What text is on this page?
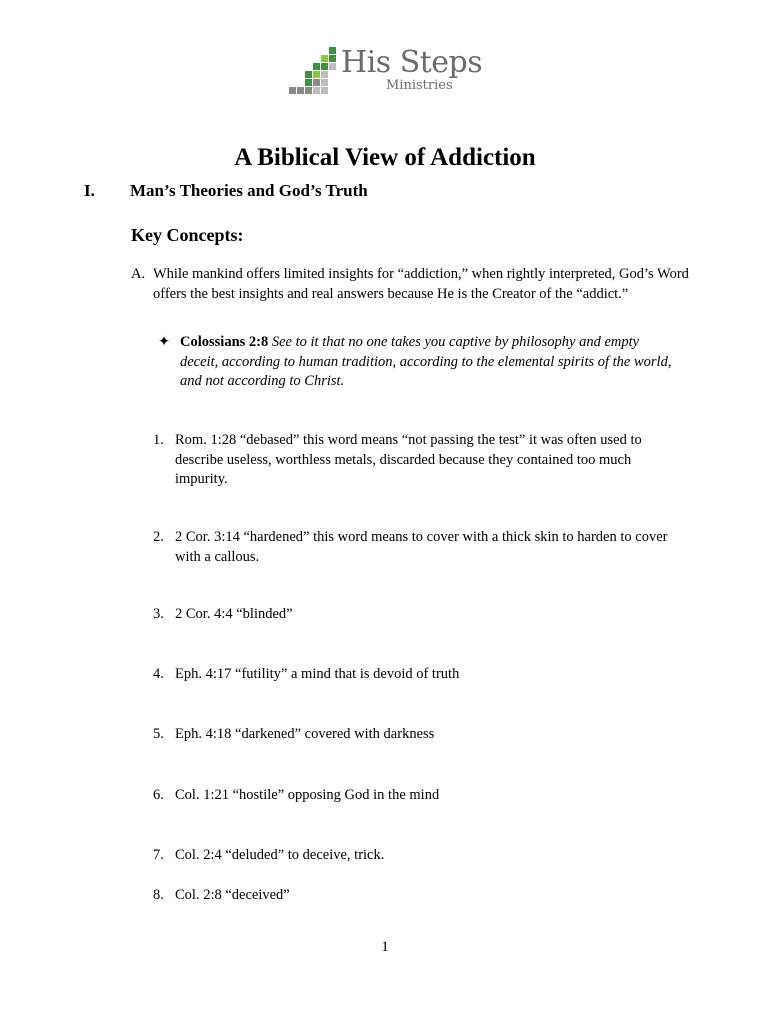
His Steps
Ministries
A Biblical View of Addiction
I. Man’s Theories and God’s Truth
Key Concepts:
A. While mankind offers limited insights for “addiction,” when rightly interpreted, God’s Word offers the best insights and real answers because He is the Creator of the “addict.”
✦ Colossians 2:8 See to it that no one takes you captive by philosophy and empty deceit, according to human tradition, according to the elemental spirits of the world, and not according to Christ.
1. Rom. 1:28 “debased” this word means “not passing the test” it was often used to describe useless, worthless metals, discarded because they contained too much impurity.
2. 2 Cor. 3:14 “hardened” this word means to cover with a thick skin to harden to cover with a callous.
3. 2 Cor. 4:4 “blinded”
4. Eph. 4:17 “futility” a mind that is devoid of truth
5. Eph. 4:18 “darkened” covered with darkness
6. Col. 1:21 “hostile” opposing God in the mind
7. Col. 2:4 “deluded” to deceive, trick.
8. Col. 2:8 “deceived”
1
